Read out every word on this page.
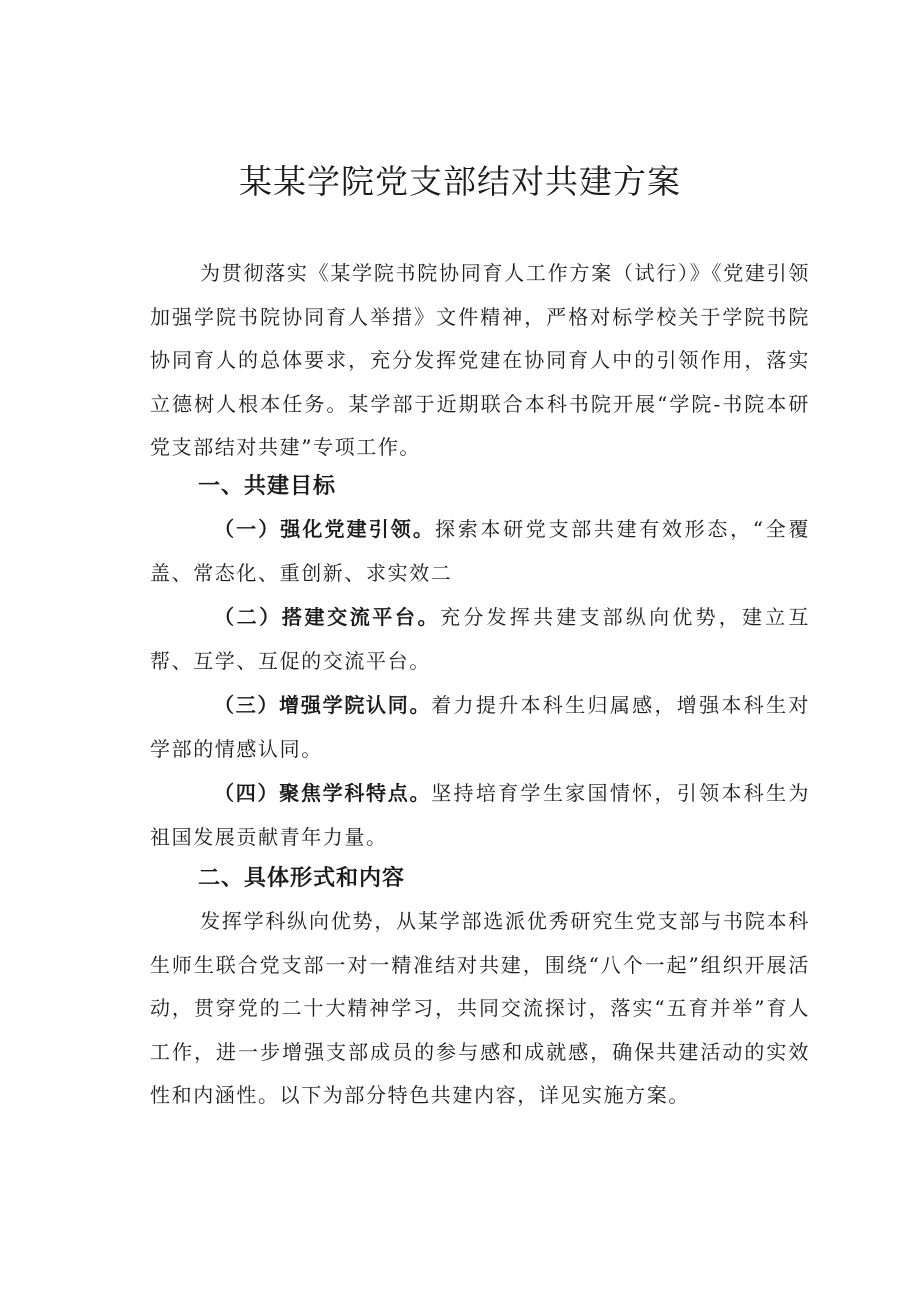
某某学院党支部结对共建方案

为贯彻落实《某学院书院协同育人工作方案（试行）》《党建引领加强学院书院协同育人举措》文件精神，严格对标学校关于学院书院协同育人的总体要求，充分发挥党建在协同育人中的引领作用，落实立德树人根本任务。某学部于近期联合本科书院开展“学院-书院本研党支部结对共建”专项工作。

一、共建目标

（一）强化党建引领。探索本研党支部共建有效形态，“全覆盖、常态化、重创新、求实效二

（二）搭建交流平台。充分发挥共建支部纵向优势，建立互帮、互学、互促的交流平台。

（三）增强学院认同。着力提升本科生归属感，增强本科生对学部的情感认同。

（四）聚焦学科特点。坚持培育学生家国情怀，引领本科生为祖国发展贡献青年力量。

二、具体形式和内容

发挥学科纵向优势，从某学部选派优秀研究生党支部与书院本科生师生联合党支部一对一精准结对共建，围绕“八个一起”组织开展活动，贯穿党的二十大精神学习，共同交流探讨，落实“五育并举”育人工作，进一步增强支部成员的参与感和成就感，确保共建活动的实效性和内涵性。以下为部分特色共建内容，详见实施方案。
